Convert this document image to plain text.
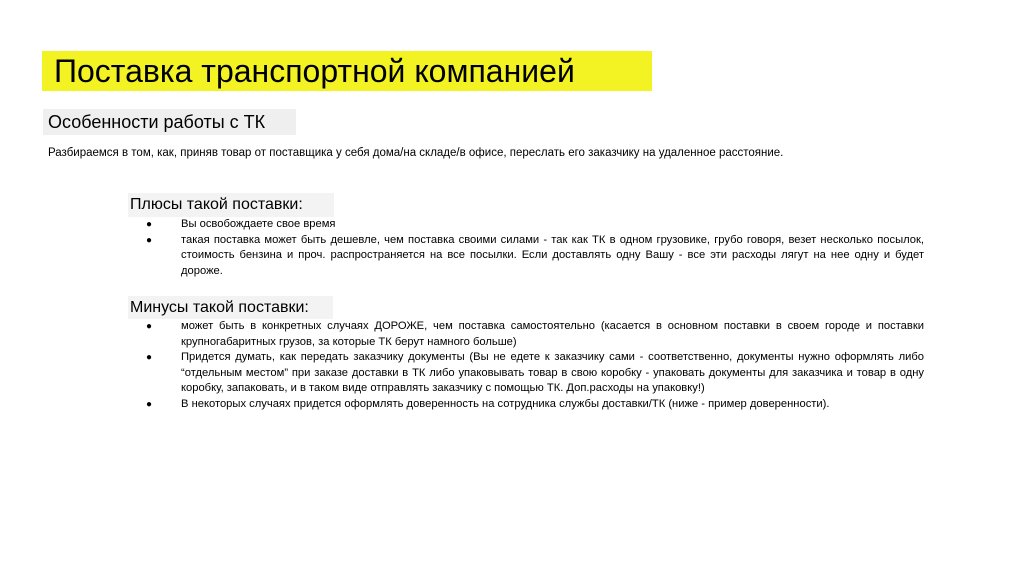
Поставка транспортной компанией
Особенности работы с ТК
Разбираемся в том, как, приняв товар от поставщика у себя дома/на складе/в офисе, переслать его заказчику на удаленное расстояние.
Плюсы такой поставки:
●	Вы освобождаете свое время
●	такая поставка может быть дешевле, чем поставка своими силами - так как ТК в одном грузовике, грубо говоря, везет несколько посылок, стоимость бензина и проч. распространяется на все посылки. Если доставлять одну Вашу - все эти расходы лягут на нее одну и будет дороже.
Минусы такой поставки:
●	может быть в конкретных случаях ДОРОЖЕ, чем поставка самостоятельно (касается в основном поставки в своем городе и поставки крупногабаритных грузов, за которые ТК берут намного больше)
●	Придется думать, как передать заказчику документы (Вы не едете к заказчику сами - соответственно, документы нужно оформлять либо “отдельным местом” при заказе доставки в ТК либо упаковывать товар в свою коробку - упаковать документы для заказчика и товар в одну коробку, запаковать, и в таком виде отправлять заказчику с помощью ТК. Доп.расходы на упаковку!)
●	В некоторых случаях придется оформлять доверенность на сотрудника службы доставки/ТК (ниже - пример доверенности).
